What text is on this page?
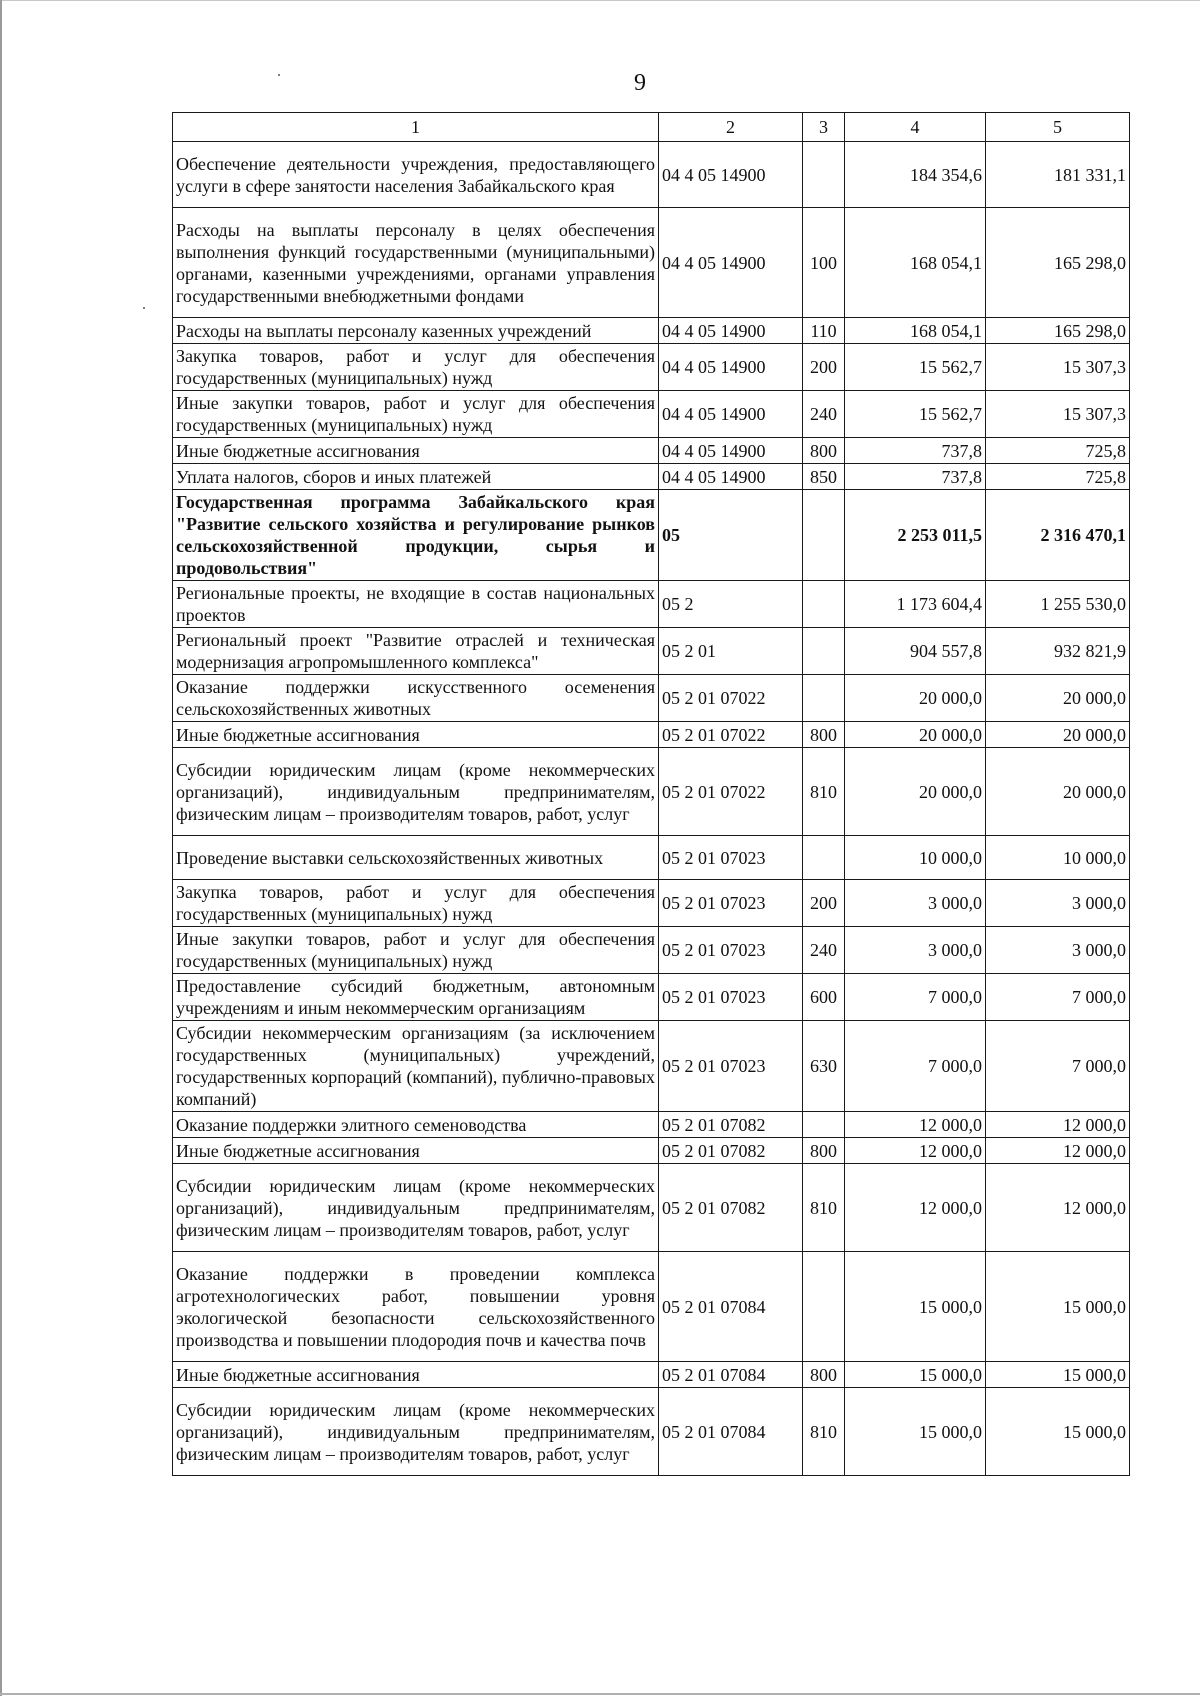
9
1	2	3	4	5
Обеспечение деятельности учреждения, предоставляющего услуги в сфере занятости населения Забайкальского края	04 4 05 14900		184 354,6	181 331,1
Расходы на выплаты персоналу в целях обеспечения выполнения функций государственными (муниципальными) органами, казенными учреждениями, органами управления государственными внебюджетными фондами	04 4 05 14900	100	168 054,1	165 298,0
Расходы на выплаты персоналу казенных учреждений	04 4 05 14900	110	168 054,1	165 298,0
Закупка товаров, работ и услуг для обеспечения государственных (муниципальных) нужд	04 4 05 14900	200	15 562,7	15 307,3
Иные закупки товаров, работ и услуг для обеспечения государственных (муниципальных) нужд	04 4 05 14900	240	15 562,7	15 307,3
Иные бюджетные ассигнования	04 4 05 14900	800	737,8	725,8
Уплата налогов, сборов и иных платежей	04 4 05 14900	850	737,8	725,8
Государственная программа Забайкальского края "Развитие сельского хозяйства и регулирование рынков сельскохозяйственной продукции, сырья и продовольствия"	05		2 253 011,5	2 316 470,1
Региональные проекты, не входящие в состав национальных проектов	05 2		1 173 604,4	1 255 530,0
Региональный проект "Развитие отраслей и техническая модернизация агропромышленного комплекса"	05 2 01		904 557,8	932 821,9
Оказание поддержки искусственного осеменения сельскохозяйственных животных	05 2 01 07022		20 000,0	20 000,0
Иные бюджетные ассигнования	05 2 01 07022	800	20 000,0	20 000,0
Субсидии юридическим лицам (кроме некоммерческих организаций), индивидуальным предпринимателям, физическим лицам – производителям товаров, работ, услуг	05 2 01 07022	810	20 000,0	20 000,0
Проведение выставки сельскохозяйственных животных	05 2 01 07023		10 000,0	10 000,0
Закупка товаров, работ и услуг для обеспечения государственных (муниципальных) нужд	05 2 01 07023	200	3 000,0	3 000,0
Иные закупки товаров, работ и услуг для обеспечения государственных (муниципальных) нужд	05 2 01 07023	240	3 000,0	3 000,0
Предоставление субсидий бюджетным, автономным учреждениям и иным некоммерческим организациям	05 2 01 07023	600	7 000,0	7 000,0
Субсидии некоммерческим организациям (за исключением государственных (муниципальных) учреждений, государственных корпораций (компаний), публично-правовых компаний)	05 2 01 07023	630	7 000,0	7 000,0
Оказание поддержки элитного семеноводства	05 2 01 07082		12 000,0	12 000,0
Иные бюджетные ассигнования	05 2 01 07082	800	12 000,0	12 000,0
Субсидии юридическим лицам (кроме некоммерческих организаций), индивидуальным предпринимателям, физическим лицам – производителям товаров, работ, услуг	05 2 01 07082	810	12 000,0	12 000,0
Оказание поддержки в проведении комплекса агротехнологических работ, повышении уровня экологической безопасности сельскохозяйственного производства и повышении плодородия почв и качества почв	05 2 01 07084		15 000,0	15 000,0
Иные бюджетные ассигнования	05 2 01 07084	800	15 000,0	15 000,0
Субсидии юридическим лицам (кроме некоммерческих организаций), индивидуальным предпринимателям, физическим лицам – производителям товаров, работ, услуг	05 2 01 07084	810	15 000,0	15 000,0
